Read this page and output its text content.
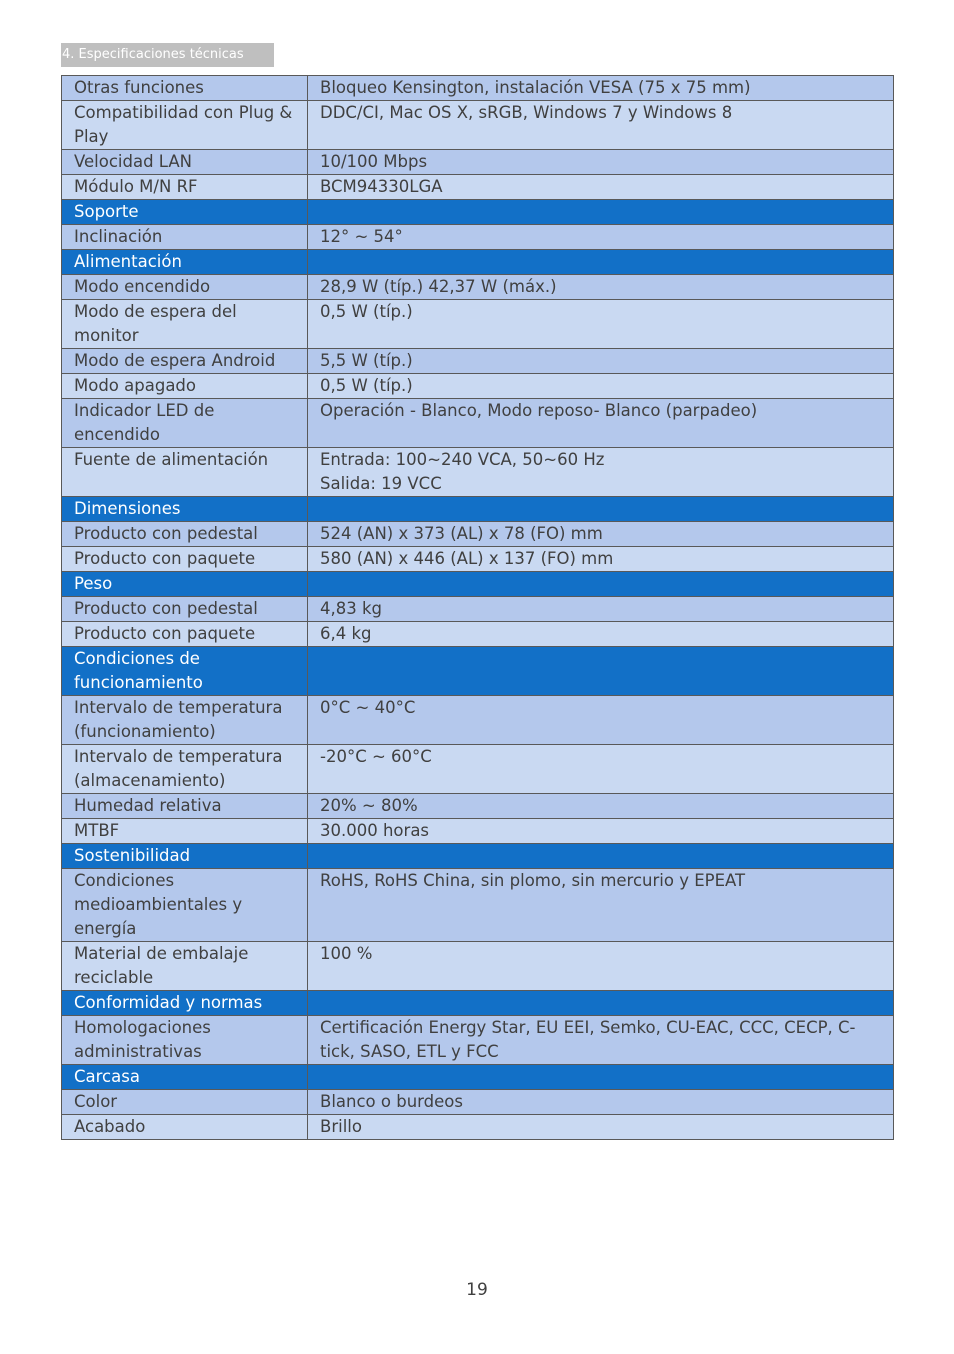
4. Especificaciones técnicas
Otras funciones	Bloqueo Kensington, instalación VESA (75 x 75 mm)

Compatibilidad con Plug & Play	DDC/CI, Mac OS X, sRGB, Windows 7 y Windows 8

Velocidad LAN	10/100 Mbps

Módulo M/N RF	BCM94330LGA

Soporte	
Inclinación	12° ~ 54°

Alimentación	
Modo encendido	28,9 W (típ.) 42,37 W (máx.)

Modo de espera del monitor	0,5 W (típ.)

Modo de espera Android	5,5 W (típ.)

Modo apagado	0,5 W (típ.)

Indicador LED de encendido	Operación - Blanco, Modo reposo- Blanco (parpadeo)

Fuente de alimentación	Entrada: 100~240 VCA, 50~60 Hz
Salida: 19 VCC

Dimensiones	
Producto con pedestal	524 (AN) x 373 (AL) x 78 (FO) mm

Producto con paquete	580 (AN) x 446 (AL) x 137 (FO) mm

Peso	
Producto con pedestal	4,83 kg

Producto con paquete	6,4 kg

Condiciones de funcionamiento	
Intervalo de temperatura (funcionamiento)	0°C ~ 40°C

Intervalo de temperatura (almacenamiento)	-20°C ~ 60°C

Humedad relativa	20% ~ 80%

MTBF	30.000 horas

Sostenibilidad	
Condiciones medioambientales y energía	RoHS, RoHS China, sin plomo, sin mercurio y EPEAT

Material de embalaje reciclable	100 %

Conformidad y normas	
Homologaciones administrativas	Certificación Energy Star, EU EEI, Semko, CU-EAC, CCC, CECP, C-tick, SASO, ETL y FCC

Carcasa	
Color	Blanco o burdeos

Acabado	Brillo
19
